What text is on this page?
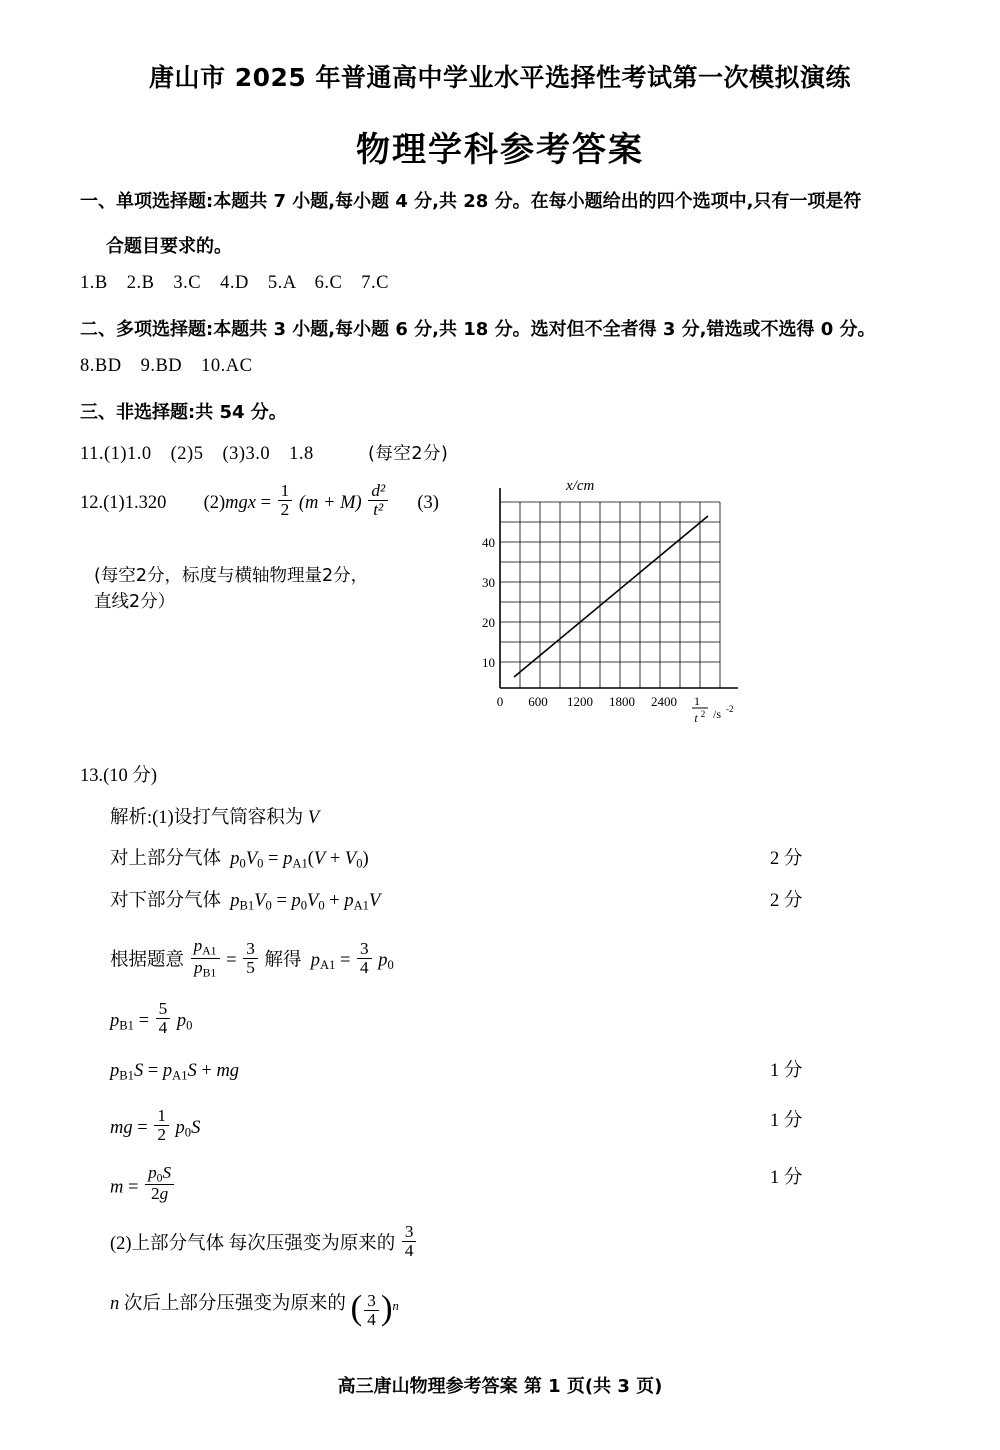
唐山市 2025 年普通高中学业水平选择性考试第一次模拟演练
物理学科参考答案
一、单项选择题:本题共 7 小题,每小题 4 分,共 28 分。在每小题给出的四个选项中,只有一项是符
合题目要求的。
1.B　2.B　3.C　4.D　5.A　6.C　7.C
二、多项选择题:本题共 3 小题,每小题 6 分,共 18 分。选对但不全者得 3 分,错选或不选得 0 分。
8.BD　9.BD　10.AC
三、非选择题:共 54 分。
11.(1)1.0　(2)5　(3)3.0　1.8	(每空2分)
12.(1)1.320 $(2)mgx = \frac{1}{2} (m + M) \frac{\text{d²}}{\text{t²}} (3)$
(每空2分，标度与横轴物理量2分，
直线2分）
x/cm
10
20
30
40
0 600 1200 1800 2400 1
t 2 /s -2
13.(10 分)
解析:(1)设打气筒容积为 V
对上部分气体  $p_0V_0 = p_{A1}(V + V_0)$	2 分
对下部分气体  $p_{B1}V_0 = p_0V_0 + p_{A1}V$	2 分
根据题意 $\frac{p_{A1}}{p_{B1}} = \frac{3}{5}$ 解得  $p_{A1} = \frac{3}{4} p_0$
$p_{B1} = \frac{5}{4} p_0$
$p_{B1}S = p_{A1}S$ + mg	1 分
mg = $\frac{1}{2} p_0S$	1 分
$m = \frac{p_0S}{2g}$	1 分
(2)上部分气体 每次压强变为原来的 $\frac{3}{4}$
n 次后上部分压强变为原来的 ( $\frac{3}{4} )^n$
高三唐山物理参考答案 第 1 页(共 3 页)
